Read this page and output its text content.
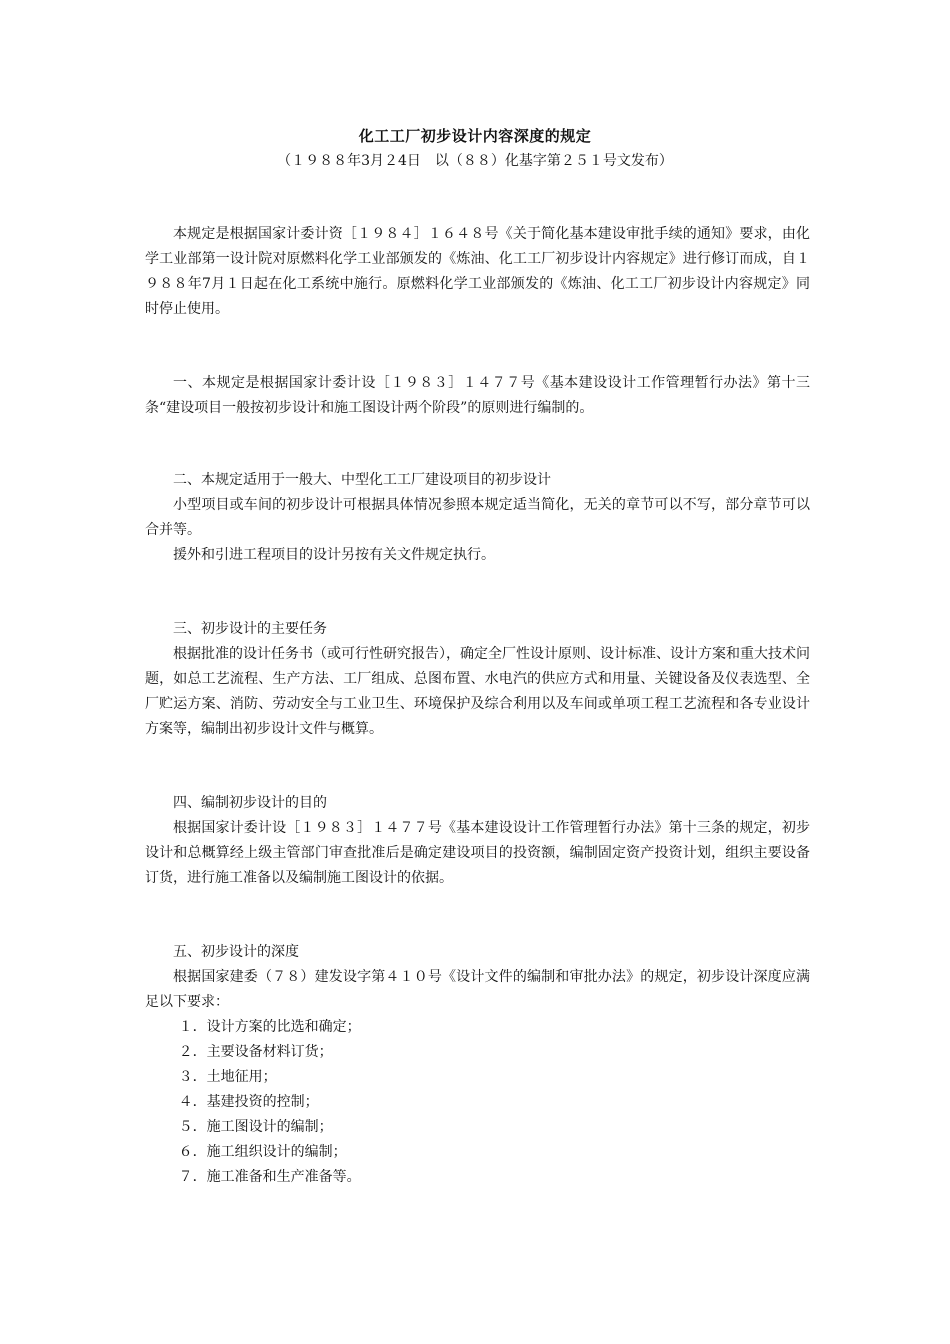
化工工厂初步设计内容深度的规定
（１９８８年3月２4日　以（８８）化基字第２５１号文发布）

本规定是根据国家计委计资［１９８４］１６４８号《关于简化基本建设审批手续的通知》要求，由化学工业部第一设计院对原燃料化学工业部颁发的《炼油、化工工厂初步设计内容规定》进行修订而成，自１９８８年7月１日起在化工系统中施行。原燃料化学工业部颁发的《炼油、化工工厂初步设计内容规定》同时停止使用。

一、本规定是根据国家计委计设［１９８３］１４７７号《基本建设设计工作管理暂行办法》第十三条“建设项目一般按初步设计和施工图设计两个阶段”的原则进行编制的。

二、本规定适用于一般大、中型化工工厂建设项目的初步设计

小型项目或车间的初步设计可根据具体情况参照本规定适当简化，无关的章节可以不写，部分章节可以合并等。

援外和引进工程项目的设计另按有关文件规定执行。

三、初步设计的主要任务

根据批准的设计任务书（或可行性研究报告），确定全厂性设计原则、设计标准、设计方案和重大技术问题，如总工艺流程、生产方法、工厂组成、总图布置、水电汽的供应方式和用量、关键设备及仪表选型、全厂贮运方案、消防、劳动安全与工业卫生、环境保护及综合利用以及车间或单项工程工艺流程和各专业设计方案等，编制出初步设计文件与概算。

四、编制初步设计的目的

根据国家计委计设［１９８３］１４７７号《基本建设设计工作管理暂行办法》第十三条的规定，初步设计和总概算经上级主管部门审查批准后是确定建设项目的投资额，编制固定资产投资计划，组织主要设备订货，进行施工准备以及编制施工图设计的依据。

五、初步设计的深度

根据国家建委（７８）建发设字第４１０号《设计文件的编制和审批办法》的规定，初步设计深度应满足以下要求：

１．设计方案的比选和确定；

２．主要设备材料订货；

３．土地征用；

４．基建投资的控制；

５．施工图设计的编制；

６．施工组织设计的编制；

７．施工准备和生产准备等。
